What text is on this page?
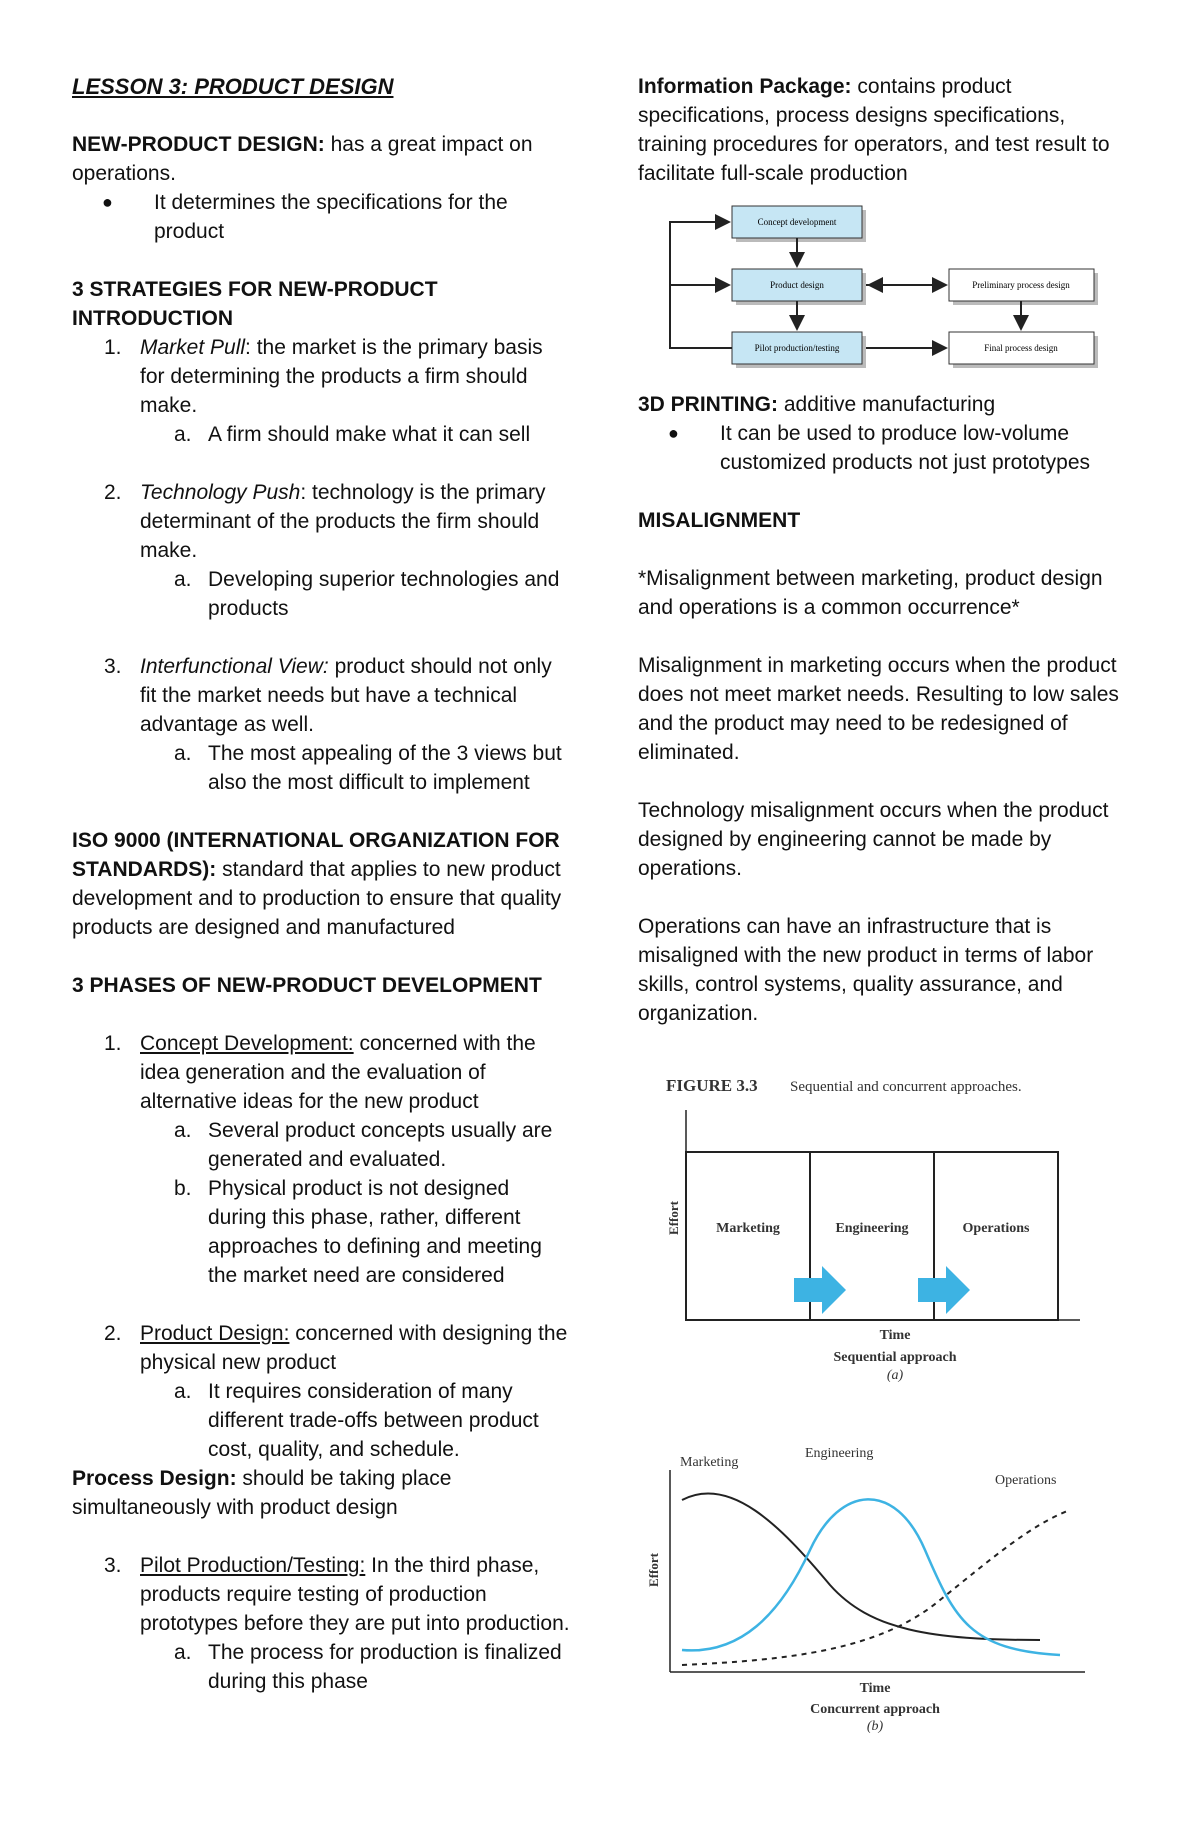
LESSON 3: PRODUCT DESIGN

NEW-PRODUCT DESIGN: has a great impact on operations.

●	It determines the specifications for the product

3 STRATEGIES FOR NEW-PRODUCT INTRODUCTION

1. Market Pull: the market is the primary basis for determining the products a firm should make.
a. A firm should make what it can sell
2. Technology Push: technology is the primary determinant of the products the firm should make.
a. Developing superior technologies and products
3. Interfunctional View: product should not only fit the market needs but have a technical advantage as well.
a. The most appealing of the 3 views but also the most difficult to implement

ISO 9000 (INTERNATIONAL ORGANIZATION FOR STANDARDS): standard that applies to new product development and to production to ensure that quality products are designed and manufactured

3 PHASES OF NEW-PRODUCT DEVELOPMENT

1. Concept Development: concerned with the idea generation and the evaluation of alternative ideas for the new product
a. Several product concepts usually are generated and evaluated.
b. Physical product is not designed during this phase, rather, different approaches to defining and meeting the market need are considered
2. Product Design: concerned with designing the physical new product
a. It requires consideration of many different trade-offs between product cost, quality, and schedule.

Process Design: should be taking place simultaneously with product design

3. Pilot Production/Testing: In the third phase, products require testing of production prototypes before they are put into production.
a. The process for production is finalized during this phase

Information Package: contains product specifications, process designs specifications, training procedures for operators, and test result to facilitate full-scale production

Concept development
Product design
Pilot production/testing
Preliminary process design
Final process design

3D PRINTING: additive manufacturing

●	It can be used to produce low-volume customized products not just prototypes

MISALIGNMENT

*Misalignment between marketing, product design and operations is a common occurrence*

Misalignment in marketing occurs when the product does not meet market needs. Resulting to low sales and the product may need to be redesigned of eliminated.

Technology misalignment occurs when the product designed by engineering cannot be made by operations.

Operations can have an infrastructure that is misaligned with the new product in terms of labor skills, control systems, quality assurance, and organization.

FIGURE 3.3 Sequential and concurrent approaches.
Effort	Marketing	Engineering	Operations
Time
Sequential approach
(a)
Effort
Marketing
Engineering
Operations
Time
Concurrent approach
(b)
